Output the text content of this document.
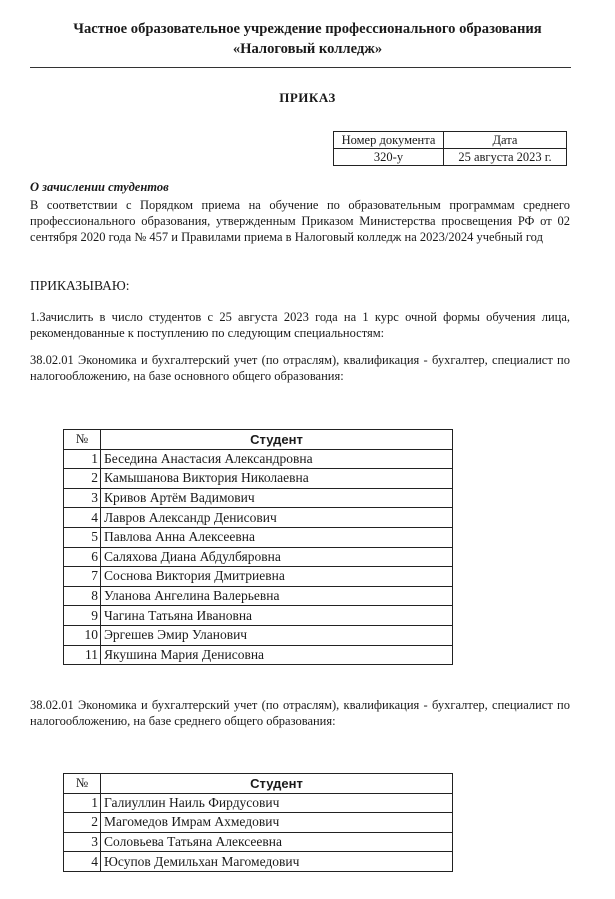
Частное образовательное учреждение профессионального образования
«Налоговый колледж»
ПРИКАЗ
Номер документа	Дата
320-у	25 августа 2023 г.
О зачислении студентов
В соответствии с Порядком приема на обучение по образовательным программам среднего профессионального образования, утвержденным Приказом Министерства просвещения РФ от 02 сентября 2020 года № 457 и Правилами приема в Налоговый колледж на 2023/2024 учебный год
ПРИКАЗЫВАЮ:
1.Зачислить в число студентов с 25 августа 2023 года на 1 курс очной формы обучения лица, рекомендованные к поступлению по следующим специальностям:
38.02.01 Экономика и бухгалтерский учет (по отраслям), квалификация - бухгалтер, специалист по налогообложению, на базе основного общего образования:
№	Студент
1	Беседина Анастасия Александровна
2	Камышанова Виктория Николаевна
3	Кривов Артём Вадимович
4	Лавров Александр Денисович
5	Павлова Анна Алексеевна
6	Саляхова Диана Абдулбяровна
7	Соснова Виктория Дмитриевна
8	Уланова Ангелина Валерьевна
9	Чагина Татьяна Ивановна
10	Эргешев Эмир Уланович
11	Якушина Мария Денисовна
38.02.01 Экономика и бухгалтерский учет (по отраслям), квалификация - бухгалтер, специалист по налогообложению, на базе среднего общего образования:
№	Студент
1	Галиуллин Наиль Фирдусович
2	Магомедов Имрам Ахмедович
3	Соловьева Татьяна Алексеевна
4	Юсупов Демильхан Магомедович
